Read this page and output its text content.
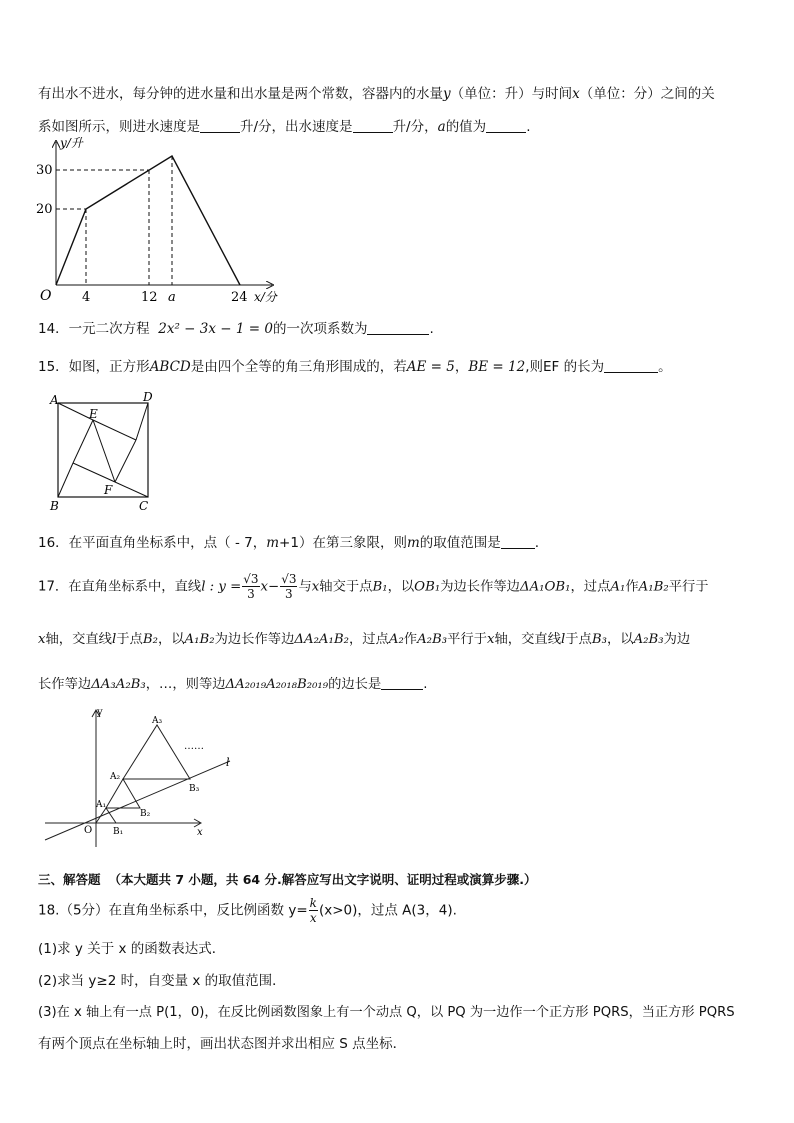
有出水不进水，每分钟的进水量和出水量是两个常数，容器内的水量y（单位：升）与时间x（单位：分）之间的关
系如图所示，则进水速度是	升/分，出水速度是	升/分，a的值为	.
y/升
x/分
O
20
30
4	12 a	24
14．一元二次方程 2x² − 3x − 1 = 0的一次项系数为	.
15．如图，正方形ABCD是由四个全等的角三角形围成的，若AE = 5，BE = 12,则EF 的长为	。
A	D
E
B
F
C
16．在平面直角坐标系中，点（ - 7，m+1）在第三象限，则m的取值范围是	.
17．在直角坐标系中，直线l : $y = \frac{√3}{3} x- \frac{√3}{3}$ 与x轴交于点B₁，以OB₁为边长作等边ΔA₁OB₁，过点A₁作A₁B₂平行于
x轴，交直线l于点B₂，以A₁B₂为边长作等边ΔA₂A₁B₂，过点A₂作A₂B₃平行于x轴，交直线l于点B₃，以A₂B₃为边
长作等边ΔA₃A₂B₃，…，则等边ΔA₂₀₁₉A₂₀₁₈B₂₀₁₉的边长是	.
y
x
O
l
A₁
A₂
A₃
B₁
B₂
B₃
……
三、解答题 （本大题共 7 小题，共 64 分.解答应写出文字说明、证明过程或演算步骤.）
18.（5分）在直角坐标系中，反比例函数 $y= \frac{k}{x} (x>0)$，过点 A(3，4).
(1)求 y 关于 x 的函数表达式．
(2)求当 y≥2 时，自变量 x 的取值范围．
(3)在 x 轴上有一点 P(1，0)，在反比例函数图象上有一个动点 Q，以 PQ 为一边作一个正方形 PQRS，当正方形 PQRS
有两个顶点在坐标轴上时，画出状态图并求出相应 S 点坐标．
